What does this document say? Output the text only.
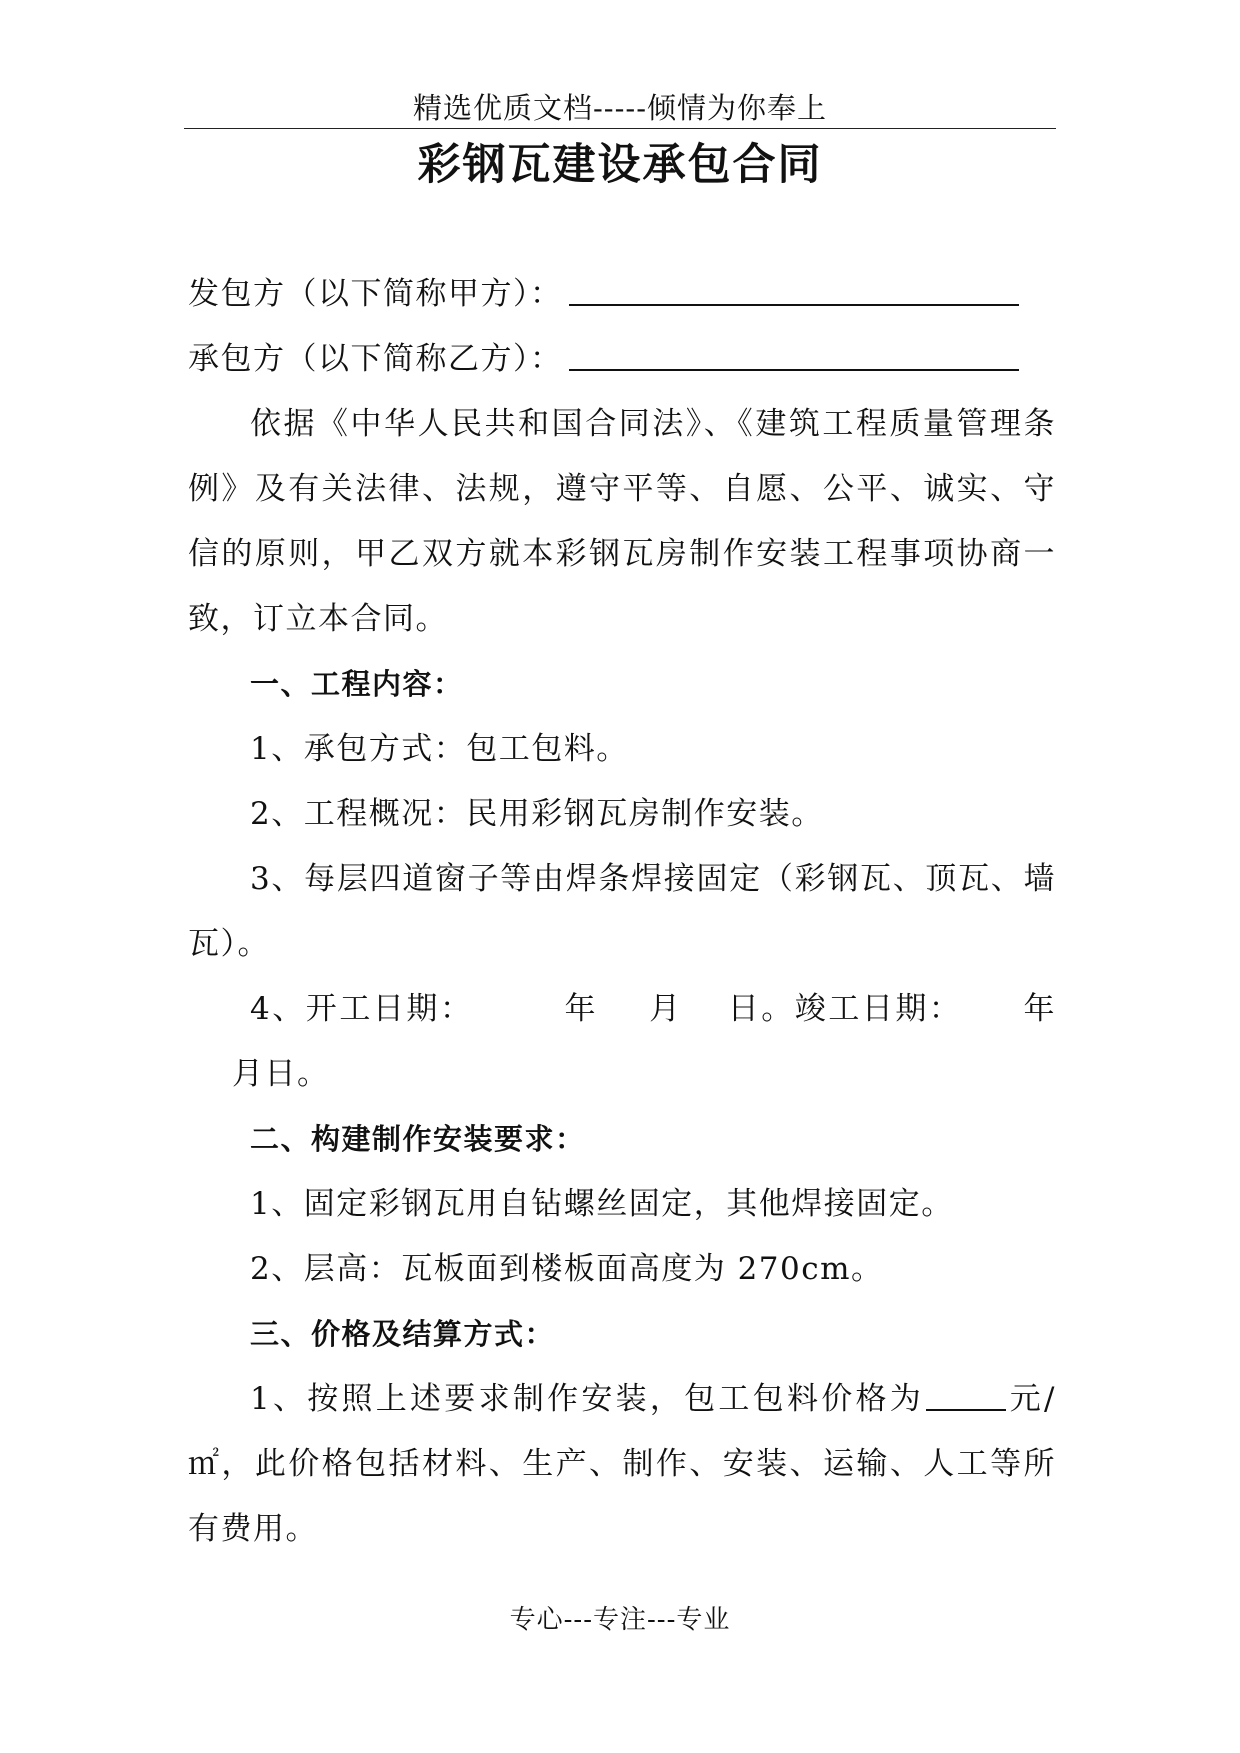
精选优质文档-----倾情为你奉上
彩钢瓦建设承包合同

发包方（以下简称甲方）：

承包方（以下简称乙方）：

依据《中华人民共和国合同法》、《建筑工程质量管理条例》及有关法律、法规，遵守平等、自愿、公平、诚实、守信的原则，甲乙双方就本彩钢瓦房制作安装工程事项协商一致，订立本合同。

一、工程内容：

1、承包方式：包工包料。

2、工程概况：民用彩钢瓦房制作安装。

3、每层四道窗子等由焊条焊接固定（彩钢瓦、顶瓦、墙瓦）。

4、开工日期：	年 月 日。竣工日期： 年月日。

二、构建制作安装要求：

1、固定彩钢瓦用自钻螺丝固定，其他焊接固定。

2、层高：瓦板面到楼板面高度为 270cm。

三、价格及结算方式：

1、按照上述要求制作安装，包工包料价格为	元/㎡，此价格包括材料、生产、制作、安装、运输、人工等所有费用。

专心---专注---专业
